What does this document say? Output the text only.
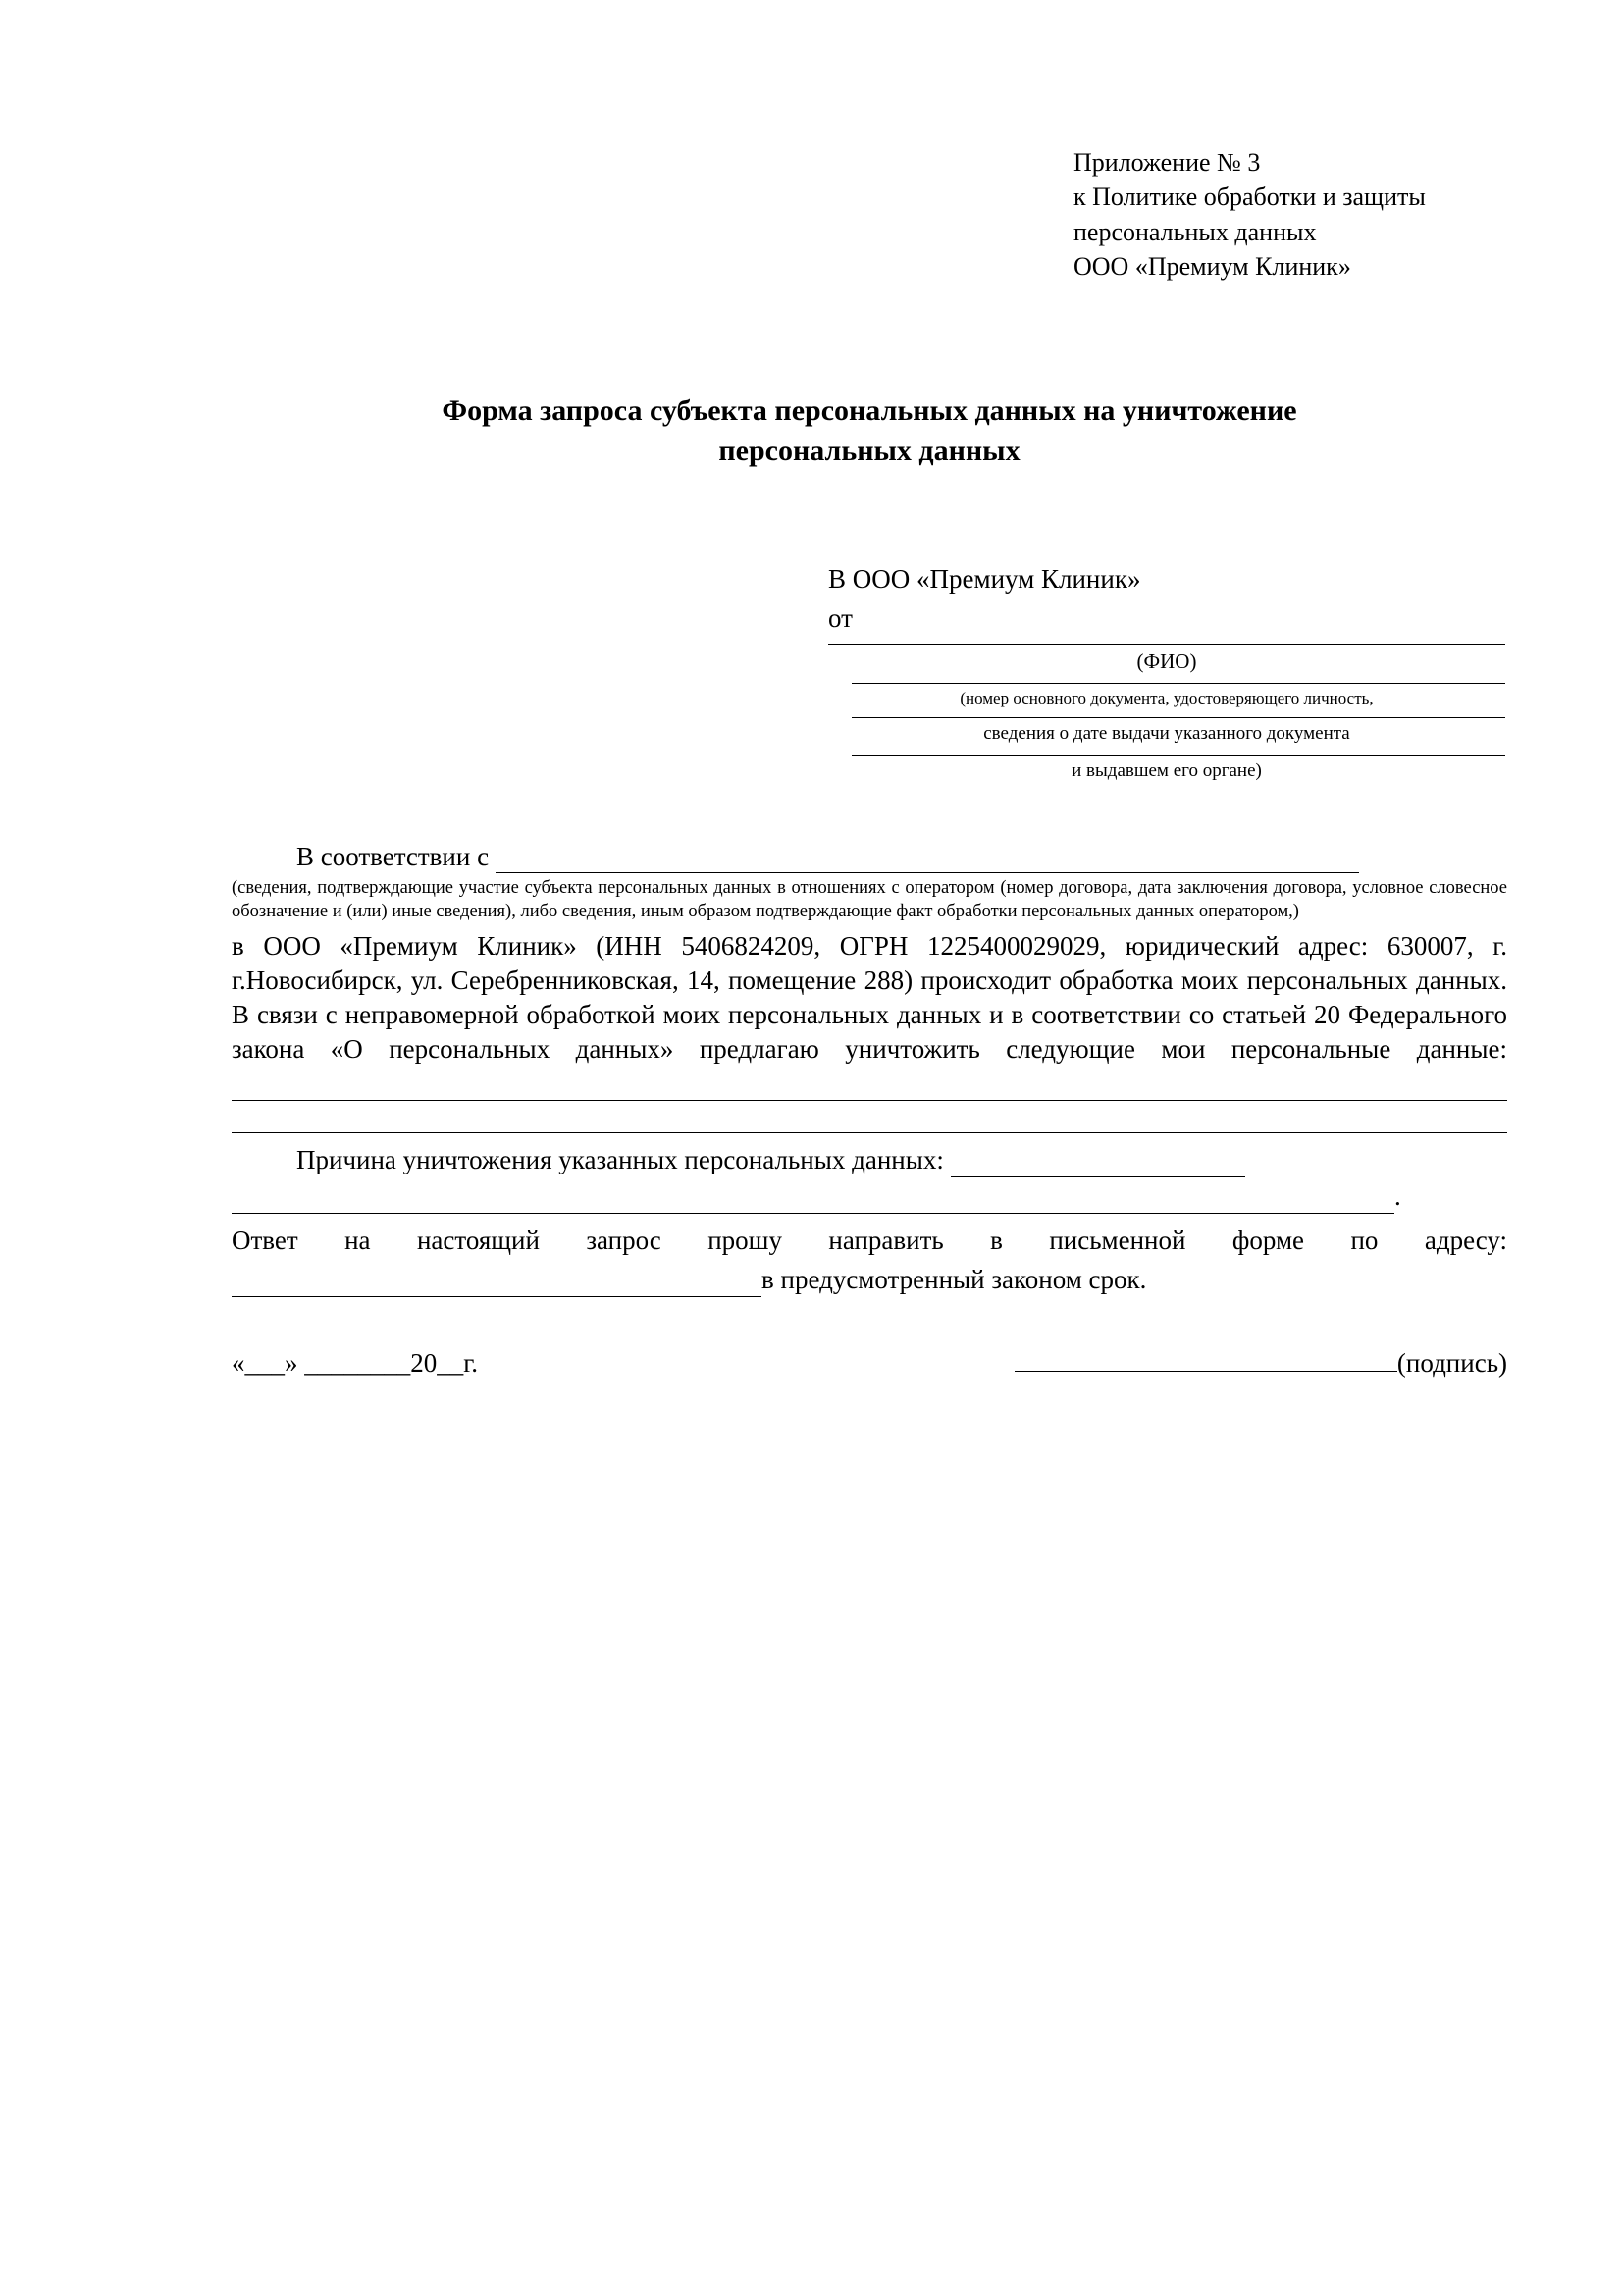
Приложение № 3
к Политике обработки и защиты
персональных данных
ООО «Премиум Клиник»
Форма запроса субъекта персональных данных на уничтожение
персональных данных
В ООО «Премиум Клиник»
от
(ФИО)
(номер основного документа, удостоверяющего личность,
сведения о дате выдачи указанного документа
и выдавшем его органе)
В соответствии с
(сведения, подтверждающие участие субъекта персональных данных в отношениях с оператором (номер договора, дата заключения договора, условное словесное обозначение и (или) иные сведения), либо сведения, иным образом подтверждающие факт обработки персональных данных оператором,)
в ООО «Премиум Клиник» (ИНН 5406824209, ОГРН 1225400029029, юридический адрес: 630007, г. г.Новосибирск, ул. Серебренниковская, 14, помещение 288) происходит обработка моих персональных данных. В связи с неправомерной обработкой моих персональных данных и в соответствии со статьей 20 Федерального закона «О персональных данных» предлагаю уничтожить следующие мои персональные данные:
Причина уничтожения указанных персональных данных:
.
Ответ на настоящий запрос прошу направить в письменной форме по адресу:
в предусмотренный законом срок.
«___» ________20__г.	(подпись)
